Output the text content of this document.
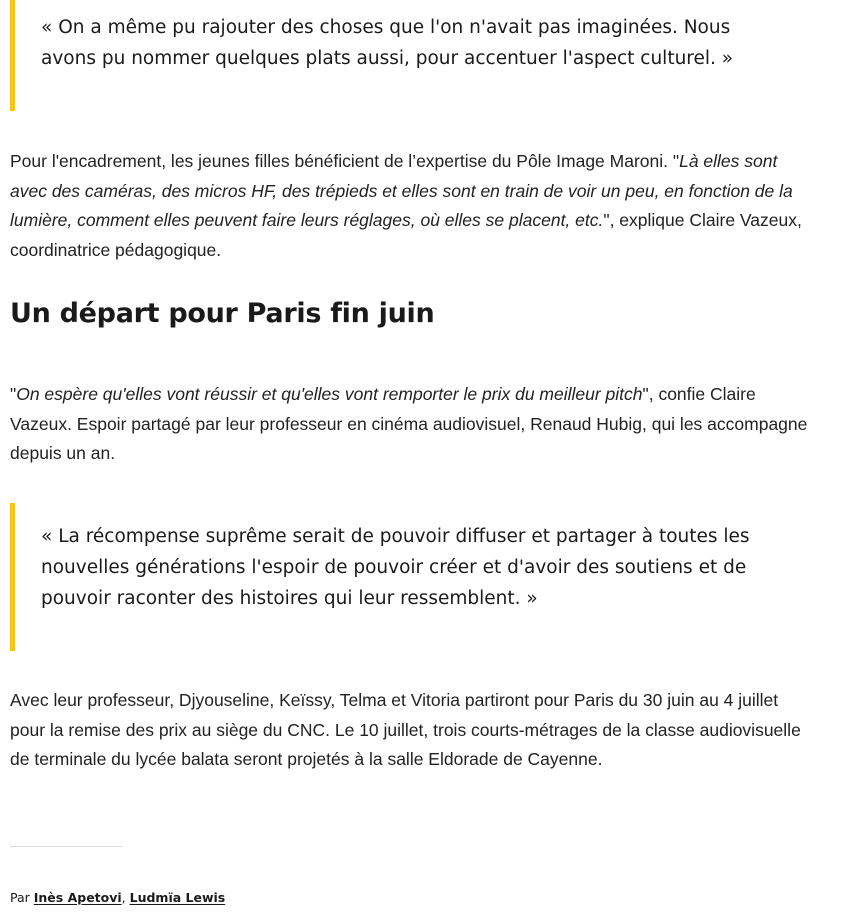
« On a même pu rajouter des choses que l'on n'avait pas imaginées. Nous avons pu nommer quelques plats aussi, pour accentuer l'aspect culturel. »

Pour l'encadrement, les jeunes filles bénéficient de l’expertise du Pôle Image Maroni. "Là elles sont avec des caméras, des micros HF, des trépieds et elles sont en train de voir un peu, en fonction de la lumière, comment elles peuvent faire leurs réglages, où elles se placent, etc.", explique Claire Vazeux, coordinatrice pédagogique.

Un départ pour Paris fin juin

"On espère qu'elles vont réussir et qu'elles vont remporter le prix du meilleur pitch", confie Claire Vazeux. Espoir partagé par leur professeur en cinéma audiovisuel, Renaud Hubig, qui les accompagne depuis un an.

« La récompense suprême serait de pouvoir diffuser et partager à toutes les nouvelles générations l'espoir de pouvoir créer et d'avoir des soutiens et de pouvoir raconter des histoires qui leur ressemblent. »

Avec leur professeur, Djyouseline, Keïssy, Telma et Vitoria partiront pour Paris du 30 juin au 4 juillet pour la remise des prix au siège du CNC. Le 10 juillet, trois courts-métrages de la classe audiovisuelle de terminale du lycée balata seront projetés à la salle Eldorade de Cayenne.

Par Inès Apetovi, Ludmïa Lewis
